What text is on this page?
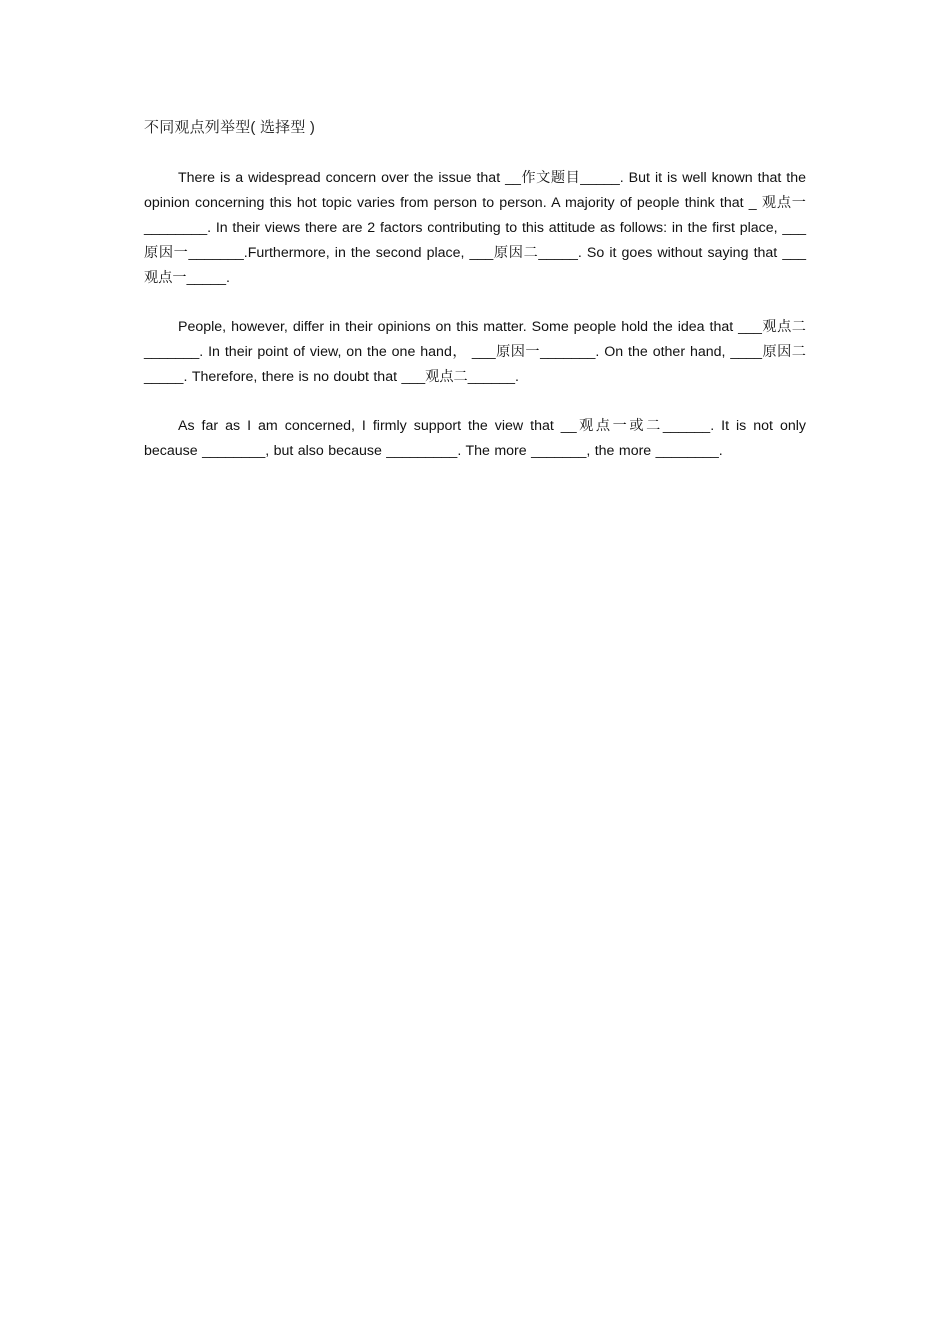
不同观点列举型( 选择型 )

There is a widespread concern over the issue that __作文题目_____. But it is well known that the opinion concerning this hot topic varies from person to person. A majority of people think that _ 观点一________. In their views there are 2 factors contributing to this attitude as follows: in the first place, ___原因一_______.Furthermore, in the second place, ___原因二_____. So it goes without saying that ___观点一_____.

People, however, differ in their opinions on this matter. Some people hold the idea that ___观点二_______. In their point of view, on the one hand， ___原因一_______. On the other hand, ____原因二_____. Therefore, there is no doubt that ___观点二______.

As far as I am concerned, I firmly support the view that __观点一或二______. It is not only because ________, but also because _________. The more _______, the more ________.
